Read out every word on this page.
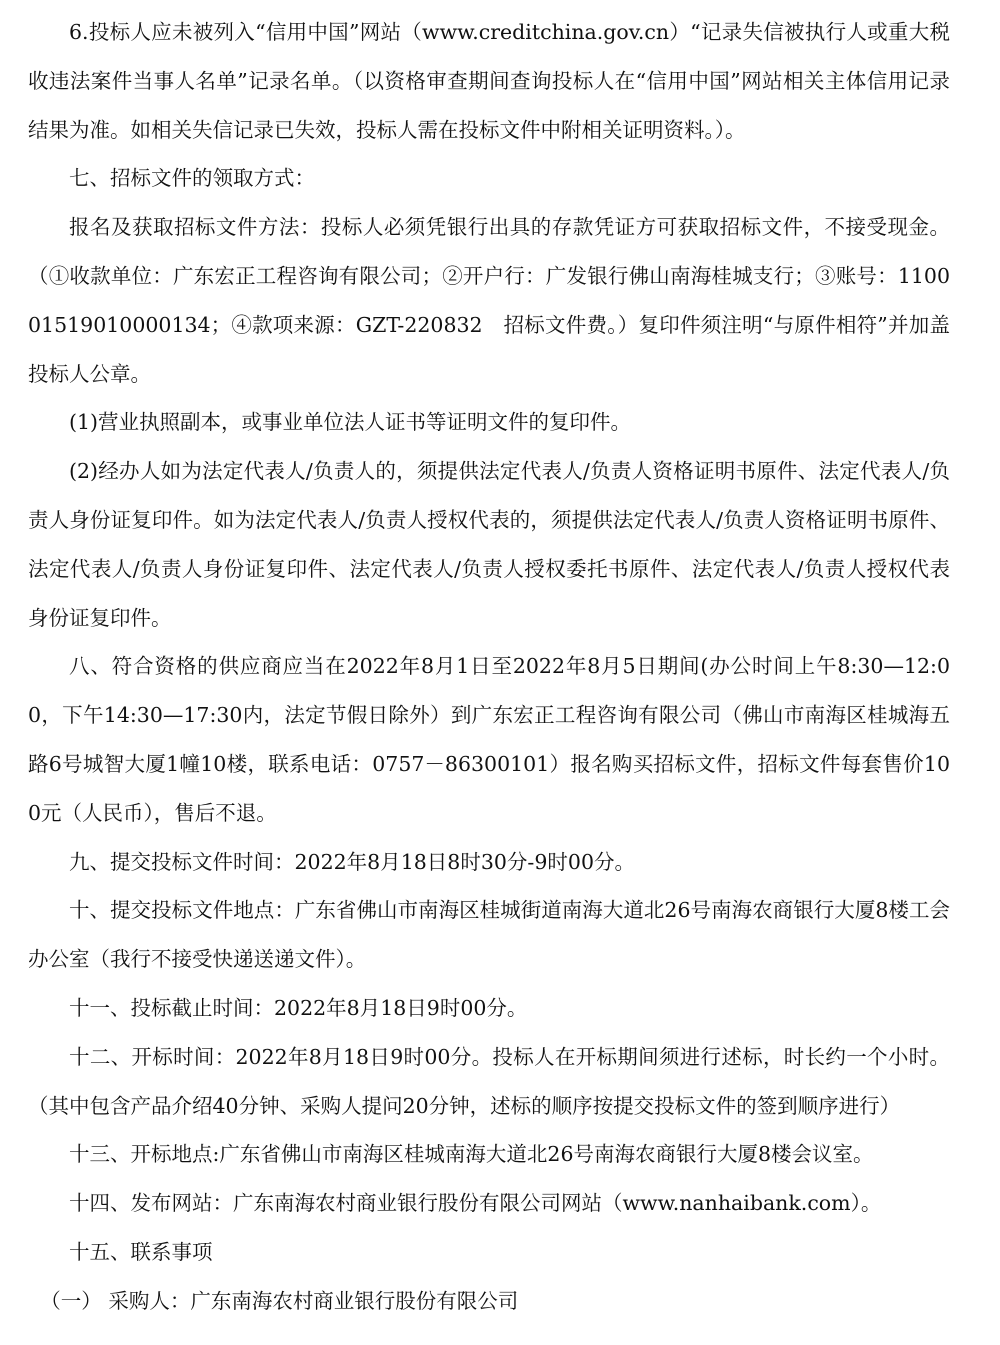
6.投标人应未被列入“信用中国”网站（www.creditchina.gov.cn）“记录失信被执行人或重大税收违法案件当事人名单”记录名单。（以资格审查期间查询投标人在“信用中国”网站相关主体信用记录结果为准。如相关失信记录已失效，投标人需在投标文件中附相关证明资料。）。

七、招标文件的领取方式：

报名及获取招标文件方法：投标人必须凭银行出具的存款凭证方可获取招标文件，不接受现金。（①收款单位：广东宏正工程咨询有限公司；②开户行：广发银行佛山南海桂城支行；③账号：110001519010000134；④款项来源：GZT-220832　招标文件费。）复印件须注明“与原件相符”并加盖投标人公章。

(1)营业执照副本，或事业单位法人证书等证明文件的复印件。

(2)经办人如为法定代表人/负责人的，须提供法定代表人/负责人资格证明书原件、法定代表人/负责人身份证复印件。如为法定代表人/负责人授权代表的，须提供法定代表人/负责人资格证明书原件、法定代表人/负责人身份证复印件、法定代表人/负责人授权委托书原件、法定代表人/负责人授权代表身份证复印件。

八、符合资格的供应商应当在2022年8月1日至2022年8月5日期间(办公时间上午8:30—12:00，下午14:30—17:30内，法定节假日除外）到广东宏正工程咨询有限公司（佛山市南海区桂城海五路6号城智大厦1幢10楼，联系电话：0757－86300101）报名购买招标文件，招标文件每套售价100元（人民币），售后不退。

九、提交投标文件时间：2022年8月18日8时30分-9时00分。

十、提交投标文件地点：广东省佛山市南海区桂城街道南海大道北26号南海农商银行大厦8楼工会办公室（我行不接受快递送递文件）。

十一、投标截止时间：2022年8月18日9时00分。

十二、开标时间：2022年8月18日9时00分。投标人在开标期间须进行述标，时长约一个小时。（其中包含产品介绍40分钟、采购人提问20分钟，述标的顺序按提交投标文件的签到顺序进行）

十三、开标地点:广东省佛山市南海区桂城南海大道北26号南海农商银行大厦8楼会议室。

十四、发布网站：广东南海农村商业银行股份有限公司网站（www.nanhaibank.com）。

十五、联系事项

（一） 采购人：广东南海农村商业银行股份有限公司
